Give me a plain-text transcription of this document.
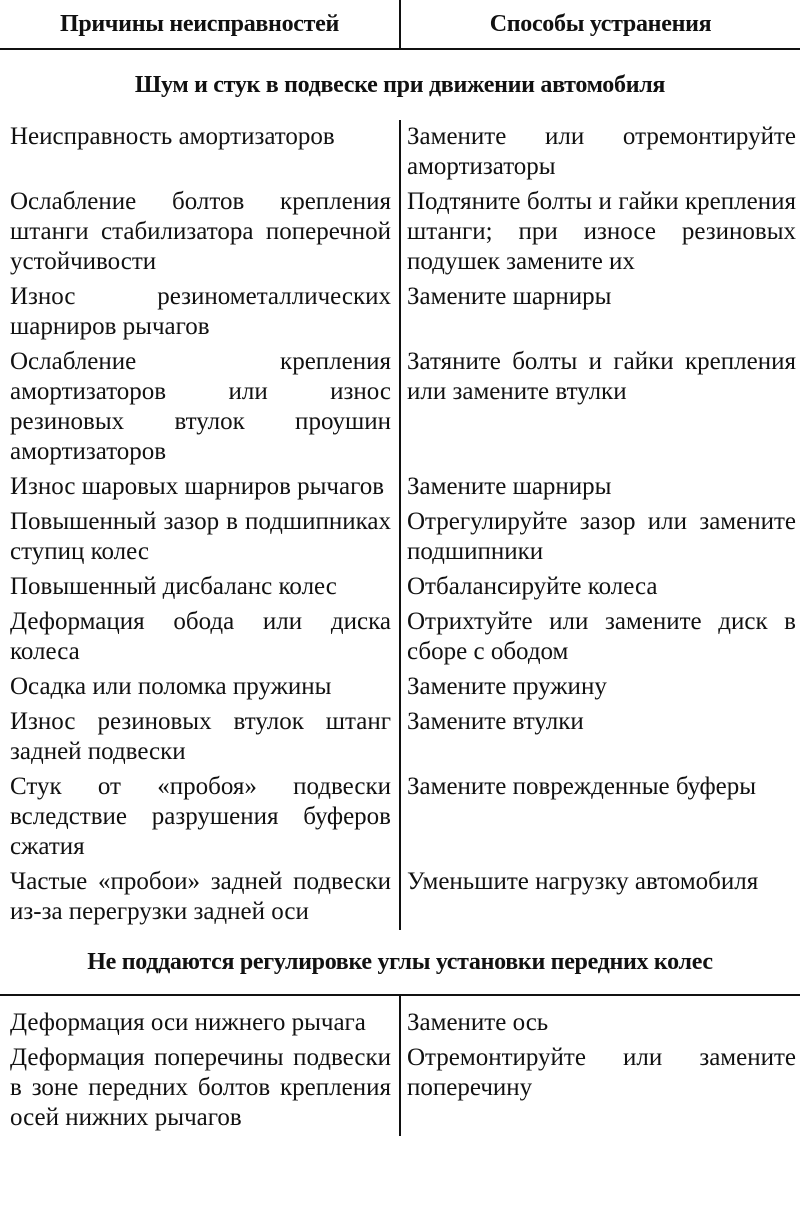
Причины неисправностей	Способы устранения
Шум и стук в подвеске при движении автомобиля	
Неисправность амортизаторов	Замените или отремонтируйте амортизаторы
Ослабление болтов крепления штанги стабилизатора поперечной устойчивости	Подтяните болты и гайки крепления штанги; при износе резиновых подушек замените их
Износ резинометаллических шарниров рычагов	Замените шарниры
Ослабление крепления амортизаторов или износ резиновых втулок проушин амортизаторов	Затяните болты и гайки крепления или замените втулки
Износ шаровых шарниров рычагов	Замените шарниры
Повышенный зазор в подшипниках ступиц колес	Отрегулируйте зазор или замените подшипники
Повышенный дисбаланс колес	Отбалансируйте колеса
Деформация обода или диска колеса	Отрихтуйте или замените диск в сборе с ободом
Осадка или поломка пружины	Замените пружину
Износ резиновых втулок штанг задней подвески	Замените втулки
Стук от «пробоя» подвески вследствие разрушения буферов сжатия	Замените поврежденные буферы
Частые «пробои» задней подвески из-за перегрузки задней оси	Уменьшите нагрузку автомобиля
Не поддаются регулировке углы установки передних колес	
Деформация оси нижнего рычага	Замените ось
Деформация поперечины подвески в зоне передних болтов крепления осей нижних рычагов	Отремонтируйте или замените поперечину
